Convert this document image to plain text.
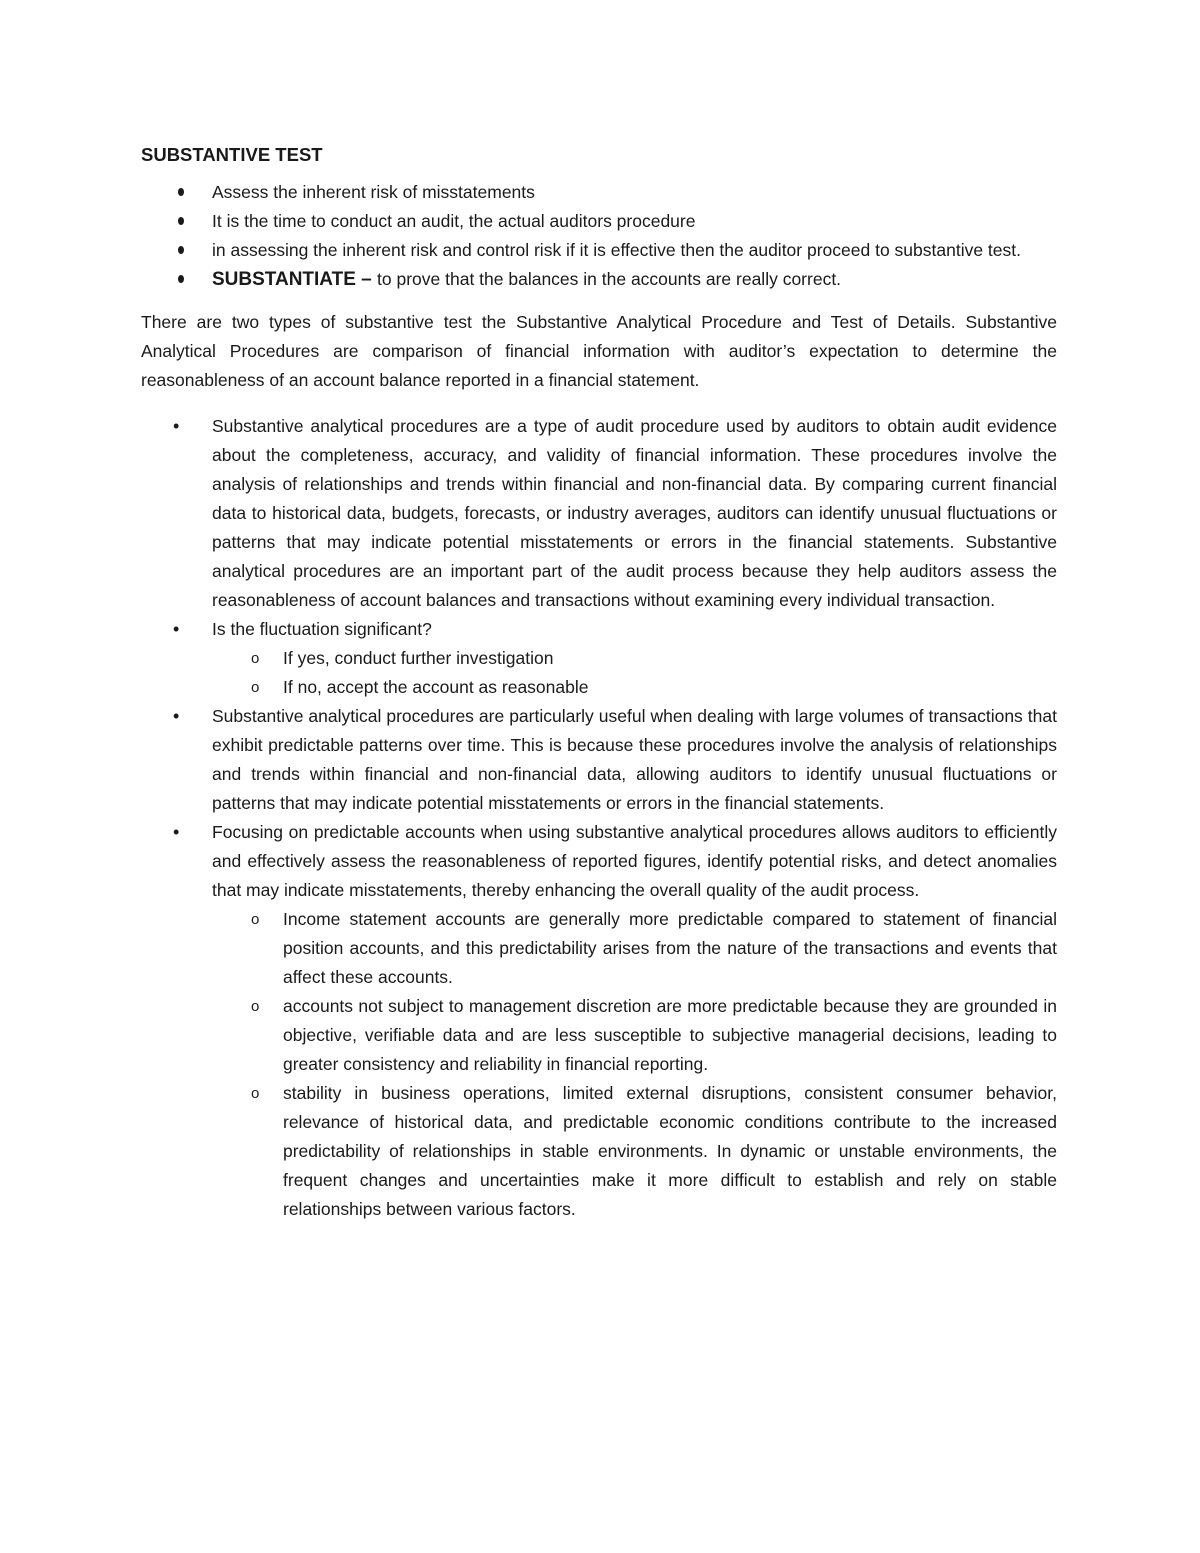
SUBSTANTIVE TEST
Assess the inherent risk of misstatements
It is the time to conduct an audit, the actual auditors procedure
in assessing the inherent risk and control risk if it is effective then the auditor proceed to substantive test.
SUBSTANTIATE – to prove that the balances in the accounts are really correct.

There are two types of substantive test the Substantive Analytical Procedure and Test of Details. Substantive Analytical Procedures are comparison of financial information with auditor’s expectation to determine the reasonableness of an account balance reported in a financial statement.

• Substantive analytical procedures are a type of audit procedure used by auditors to obtain audit evidence about the completeness, accuracy, and validity of financial information. These procedures involve the analysis of relationships and trends within financial and non-financial data. By comparing current financial data to historical data, budgets, forecasts, or industry averages, auditors can identify unusual fluctuations or patterns that may indicate potential misstatements or errors in the financial statements. Substantive analytical procedures are an important part of the audit process because they help auditors assess the reasonableness of account balances and transactions without examining every individual transaction.
• Is the fluctuation significant?
o If yes, conduct further investigation
o If no, accept the account as reasonable
• Substantive analytical procedures are particularly useful when dealing with large volumes of transactions that exhibit predictable patterns over time. This is because these procedures involve the analysis of relationships and trends within financial and non-financial data, allowing auditors to identify unusual fluctuations or patterns that may indicate potential misstatements or errors in the financial statements.
• Focusing on predictable accounts when using substantive analytical procedures allows auditors to efficiently and effectively assess the reasonableness of reported figures, identify potential risks, and detect anomalies that may indicate misstatements, thereby enhancing the overall quality of the audit process.
o Income statement accounts are generally more predictable compared to statement of financial position accounts, and this predictability arises from the nature of the transactions and events that affect these accounts.
o accounts not subject to management discretion are more predictable because they are grounded in objective, verifiable data and are less susceptible to subjective managerial decisions, leading to greater consistency and reliability in financial reporting.
o stability in business operations, limited external disruptions, consistent consumer behavior, relevance of historical data, and predictable economic conditions contribute to the increased predictability of relationships in stable environments. In dynamic or unstable environments, the frequent changes and uncertainties make it more difficult to establish and rely on stable relationships between various factors.
